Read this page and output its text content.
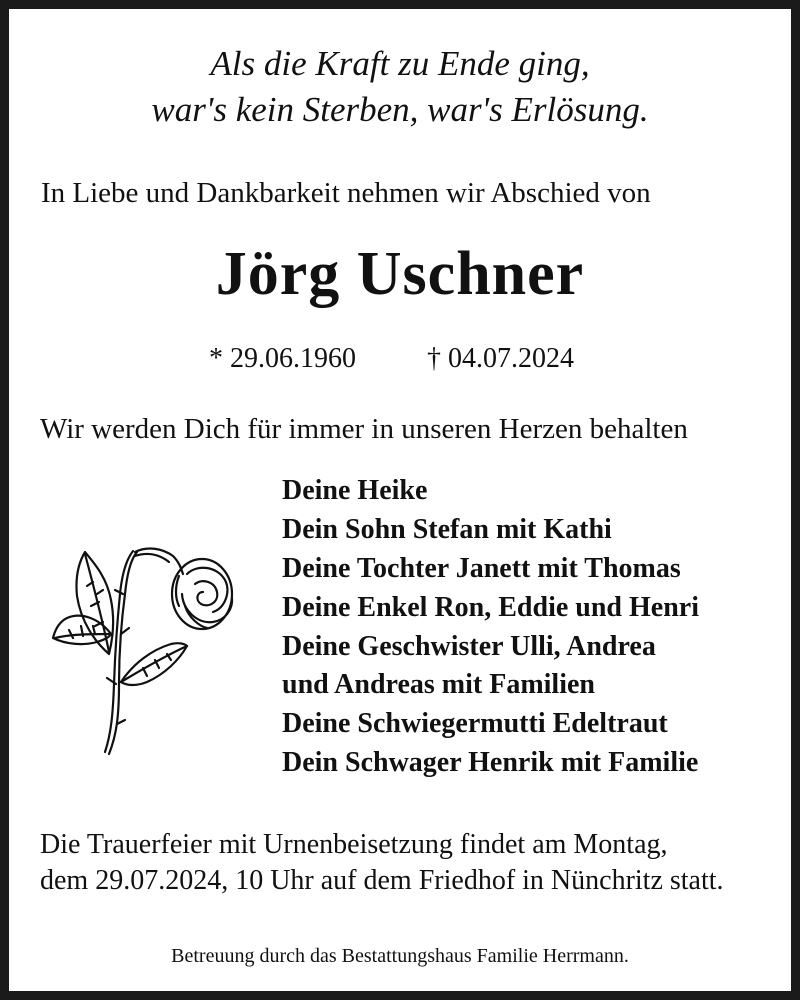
Als die Kraft zu Ende ging,
war's kein Sterben, war's Erlösung.
In Liebe und Dankbarkeit nehmen wir Abschied von
Jörg Uschner
* 29.06.1960	† 04.07.2024
Wir werden Dich für immer in unseren Herzen behalten
Deine Heike
Dein Sohn Stefan mit Kathi
Deine Tochter Janett mit Thomas
Deine Enkel Ron, Eddie und Henri
Deine Geschwister Ulli, Andrea
und Andreas mit Familien
Deine Schwiegermutti Edeltraut
Dein Schwager Henrik mit Familie
Die Trauerfeier mit Urnenbeisetzung findet am Montag,
dem 29.07.2024, 10 Uhr auf dem Friedhof in Nünchritz statt.
Betreuung durch das Bestattungshaus Familie Herrmann.
